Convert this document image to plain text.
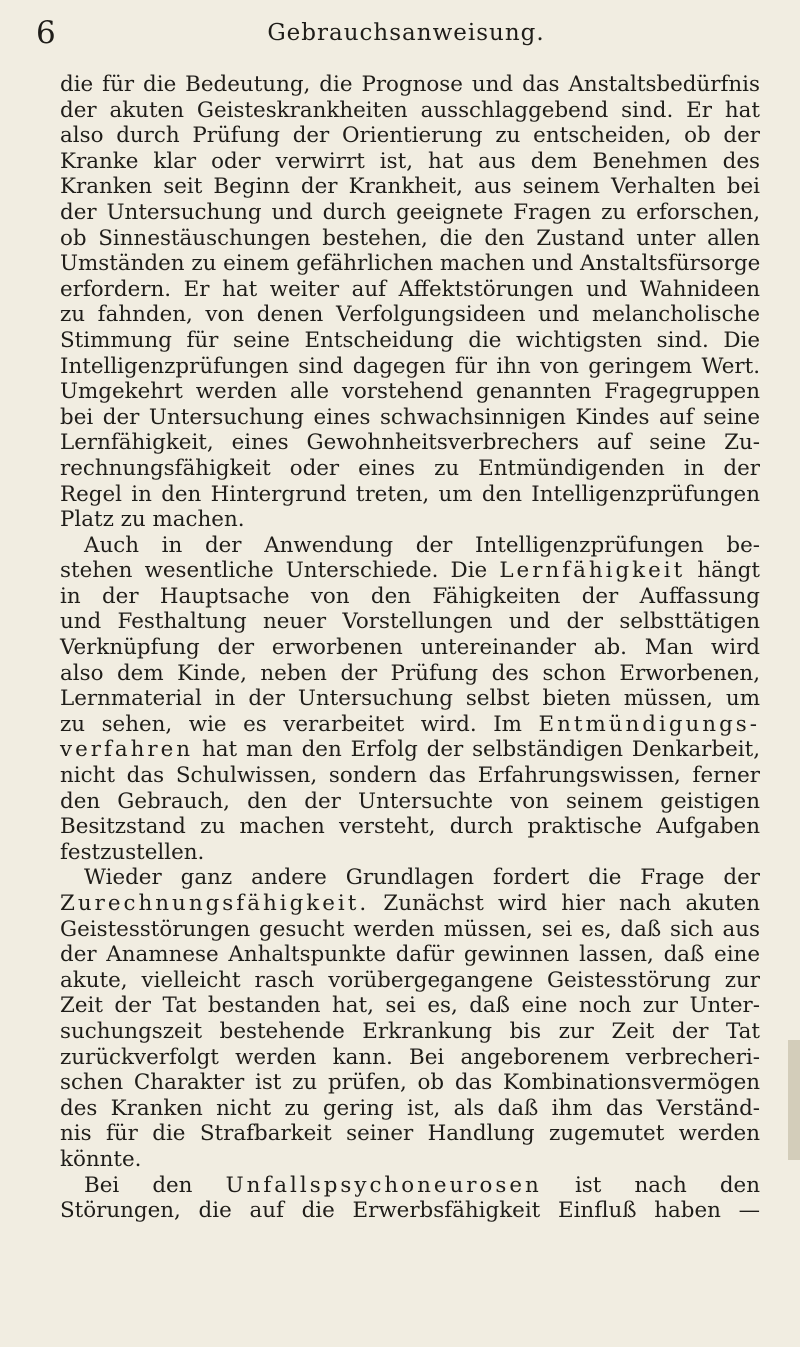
6	Gebrauchsanweisung.
die für die Bedeutung, die Prognose und das Anstaltsbedürfnis
der akuten Geisteskrankheiten ausschlaggebend sind. Er hat
also durch Prüfung der Orientierung zu entscheiden, ob der
Kranke klar oder verwirrt ist, hat aus dem Benehmen des
Kranken seit Beginn der Krankheit, aus seinem Verhalten bei
der Untersuchung und durch geeignete Fragen zu erforschen,
ob Sinnestäuschungen bestehen, die den Zustand unter allen
Umständen zu einem gefährlichen machen und Anstaltsfürsorge
erfordern. Er hat weiter auf Affektstörungen und Wahnideen
zu fahnden, von denen Verfolgungsideen und melancholische
Stimmung für seine Entscheidung die wichtigsten sind. Die
Intelligenzprüfungen sind dagegen für ihn von geringem Wert.
Umgekehrt werden alle vorstehend genannten Fragegruppen
bei der Untersuchung eines schwachsinnigen Kindes auf seine
Lernfähigkeit, eines Gewohnheitsverbrechers auf seine Zu-
rechnungsfähigkeit oder eines zu Entmündigenden in der
Regel in den Hintergrund treten, um den Intelligenzprüfungen
Platz zu machen.
Auch in der Anwendung der Intelligenzprüfungen be-
stehen wesentliche Unterschiede. Die Lernfähigkeit hängt
in der Hauptsache von den Fähigkeiten der Auffassung
und Festhaltung neuer Vorstellungen und der selbsttätigen
Verknüpfung der erworbenen untereinander ab. Man wird
also dem Kinde, neben der Prüfung des schon Erworbenen,
Lernmaterial in der Untersuchung selbst bieten müssen, um
zu sehen, wie es verarbeitet wird. Im Entmündigungs-
verfahren hat man den Erfolg der selbständigen Denkarbeit,
nicht das Schulwissen, sondern das Erfahrungswissen, ferner
den Gebrauch, den der Untersuchte von seinem geistigen
Besitzstand zu machen versteht, durch praktische Aufgaben
festzustellen.
Wieder ganz andere Grundlagen fordert die Frage der
Zurechnungsfähigkeit. Zunächst wird hier nach akuten
Geistesstörungen gesucht werden müssen, sei es, daß sich aus
der Anamnese Anhaltspunkte dafür gewinnen lassen, daß eine
akute, vielleicht rasch vorübergegangene Geistesstörung zur
Zeit der Tat bestanden hat, sei es, daß eine noch zur Unter-
suchungszeit bestehende Erkrankung bis zur Zeit der Tat
zurückverfolgt werden kann. Bei angeborenem verbrecheri-
schen Charakter ist zu prüfen, ob das Kombinationsvermögen
des Kranken nicht zu gering ist, als daß ihm das Verständ-
nis für die Strafbarkeit seiner Handlung zugemutet werden
könnte.
Bei den Unfallspsychoneurosen ist nach den
Störungen, die auf die Erwerbsfähigkeit Einfluß haben —
